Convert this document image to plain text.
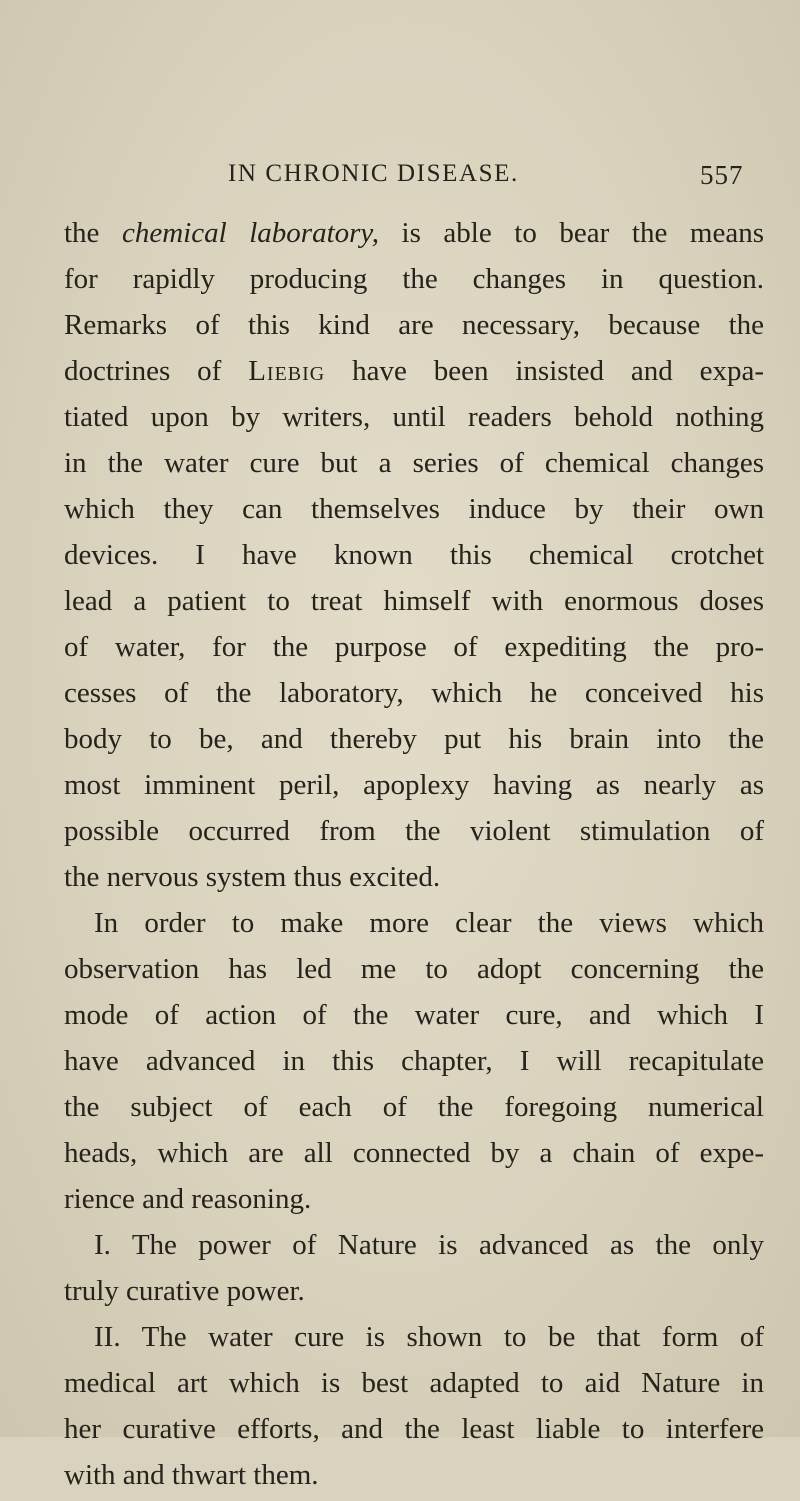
IN CHRONIC DISEASE.	557
the chemical laboratory, is able to bear the means
for rapidly producing the changes in question.
Remarks of this kind are necessary, because the
doctrines of Liebig have been insisted and expa-
tiated upon by writers, until readers behold nothing
in the water cure but a series of chemical changes
which they can themselves induce by their own
devices. I have known this chemical crotchet
lead a patient to treat himself with enormous doses
of water, for the purpose of expediting the pro-
cesses of the laboratory, which he conceived his
body to be, and thereby put his brain into the
most imminent peril, apoplexy having as nearly as
possible occurred from the violent stimulation of
the nervous system thus excited.
In order to make more clear the views which
observation has led me to adopt concerning the
mode of action of the water cure, and which I
have advanced in this chapter, I will recapitulate
the subject of each of the foregoing numerical
heads, which are all connected by a chain of expe-
rience and reasoning.
I. The power of Nature is advanced as the only
truly curative power.
II. The water cure is shown to be that form of
medical art which is best adapted to aid Nature in
her curative efforts, and the least liable to interfere
with and thwart them.
